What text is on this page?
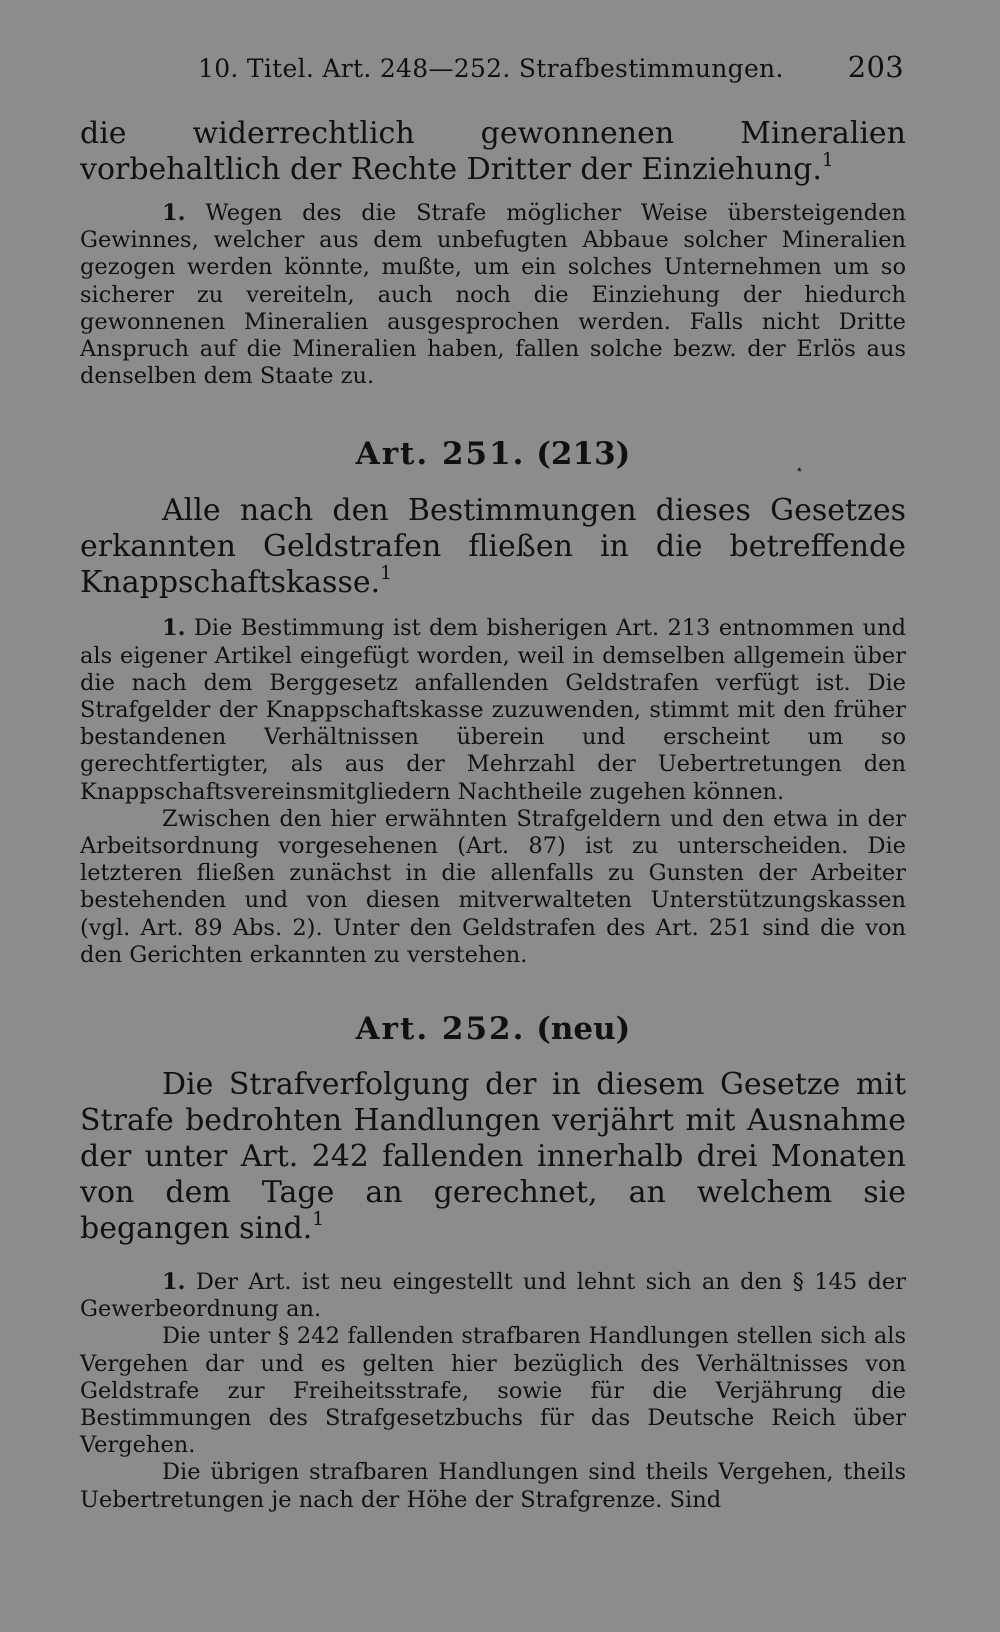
10. Titel. Art. 248—252. Strafbestimmungen. 203

die widerrechtlich gewonnenen Mineralien vorbehaltlich der Rechte Dritter der Einziehung.$^1$

1. Wegen des die Strafe möglicher Weise übersteigenden Gewinnes, welcher aus dem unbefugten Abbaue solcher Mineralien gezogen werden könnte, mußte, um ein solches Unternehmen um so sicherer zu vereiteln, auch noch die Einziehung der hiedurch gewonnenen Mineralien ausgesprochen werden. Falls nicht Dritte Anspruch auf die Mineralien haben, fallen solche bezw. der Erlös aus denselben dem Staate zu.

Art. 251. (213)

Alle nach den Bestimmungen dieses Gesetzes erkannten Geldstrafen fließen in die betreffende Knappschaftskasse.$^1$

1. Die Bestimmung ist dem bisherigen Art. 213 entnommen und als eigener Artikel eingefügt worden, weil in demselben allgemein über die nach dem Berggesetz anfallenden Geldstrafen verfügt ist. Die Strafgelder der Knappschaftskasse zuzuwenden, stimmt mit den früher bestandenen Verhältnissen überein und erscheint um so gerechtfertigter, als aus der Mehrzahl der Uebertretungen den Knappschaftsvereinsmitgliedern Nachtheile zugehen können.

Zwischen den hier erwähnten Strafgeldern und den etwa in der Arbeitsordnung vorgesehenen (Art. 87) ist zu unterscheiden. Die letzteren fließen zunächst in die allenfalls zu Gunsten der Arbeiter bestehenden und von diesen mitverwalteten Unterstützungskassen (vgl. Art. 89 Abs. 2). Unter den Geldstrafen des Art. 251 sind die von den Gerichten erkannten zu verstehen.

Art. 252. (neu)

Die Strafverfolgung der in diesem Gesetze mit Strafe bedrohten Handlungen verjährt mit Ausnahme der unter Art. 242 fallenden innerhalb drei Monaten von dem Tage an gerechnet, an welchem sie begangen sind.$^1$

1. Der Art. ist neu eingestellt und lehnt sich an den § 145 der Gewerbeordnung an.

Die unter § 242 fallenden strafbaren Handlungen stellen sich als Vergehen dar und es gelten hier bezüglich des Verhältnisses von Geldstrafe zur Freiheitsstrafe, sowie für die Verjährung die Bestimmungen des Strafgesetzbuchs für das Deutsche Reich über Vergehen.

Die übrigen strafbaren Handlungen sind theils Vergehen, theils Uebertretungen je nach der Höhe der Strafgrenze. Sind

⋆
